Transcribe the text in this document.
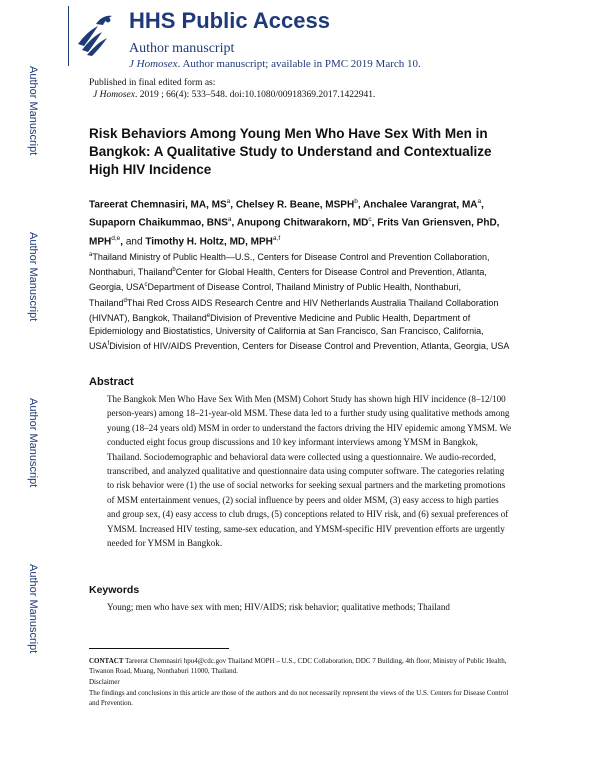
Author Manuscript
Author Manuscript
Author Manuscript
Author Manuscript
HHS Public Access
Author manuscript
J Homosex. Author manuscript; available in PMC 2019 March 10.
Published in final edited form as:
J Homosex. 2019 ; 66(4): 533–548. doi:10.1080/00918369.2017.1422941.
Risk Behaviors Among Young Men Who Have Sex With Men in Bangkok: A Qualitative Study to Understand and Contextualize High HIV Incidence
Tareerat Chemnasiri, MA, $MS^a$, Chelsey R. Beane, MSPH$^b$, Anchalee Varangrat, $MA^a$, Supaporn Chaikummao, BNS$^a$, Anupong Chitwarakorn, $MD^c$, Frits Van Griensven, PhD, MPH$^{d,e}$, and Timothy H. Holtz, MD, MPH$^{a,f}$
$^a$Thailand Ministry of Public Health—U.S., Centers for Disease Control and Prevention Collaboration, Nonthaburi, Thailand$^b$Center for Global Health, Centers for Disease Control and Prevention, Atlanta, Georgia, USA$^c$Department of Disease Control, Thailand Ministry of Public Health, Nonthaburi, Thailand$^d$Thai Red Cross AIDS Research Centre and HIV Netherlands Australia Thailand Collaboration (HIVNAT), Bangkok, Thailand$^e$Division of Preventive Medicine and Public Health, Department of Epidemiology and Biostatistics, University of California at San Francisco, San Francisco, California, USA$^f$Division of HIV/AIDS Prevention, Centers for Disease Control and Prevention, Atlanta, Georgia, USA
Abstract
The Bangkok Men Who Have Sex With Men (MSM) Cohort Study has shown high HIV incidence (8–12/100 person-years) among 18–21-year-old MSM. These data led to a further study using qualitative methods among young (18–24 years old) MSM in order to understand the factors driving the HIV epidemic among YMSM. We conducted eight focus group discussions and 10 key informant interviews among YMSM in Bangkok, Thailand. Sociodemographic and behavioral data were collected using a questionnaire. We audio-recorded, transcribed, and analyzed qualitative and questionnaire data using computer software. The categories relating to risk behavior were (1) the use of social networks for seeking sexual partners and the marketing promotions of MSM entertainment venues, (2) social influence by peers and older MSM, (3) easy access to high parties and group sex, (4) easy access to club drugs, (5) conceptions related to HIV risk, and (6) sexual preferences of YMSM. Increased HIV testing, same-sex education, and YMSM-specific HIV prevention efforts are urgently needed for YMSM in Bangkok.
Keywords
Young; men who have sex with men; HIV/AIDS; risk behavior; qualitative methods; Thailand
CONTACT Tareerat Chemnasiri hpu4@cdc.gov Thailand MOPH – U.S., CDC Collaboration, DDC 7 Building, 4th floor, Ministry of Public Health, Tiwanon Road, Muang, Nonthaburi 11000, Thailand.
Disclaimer
The findings and conclusions in this article are those of the authors and do not necessarily represent the views of the U.S. Centers for Disease Control and Prevention.
